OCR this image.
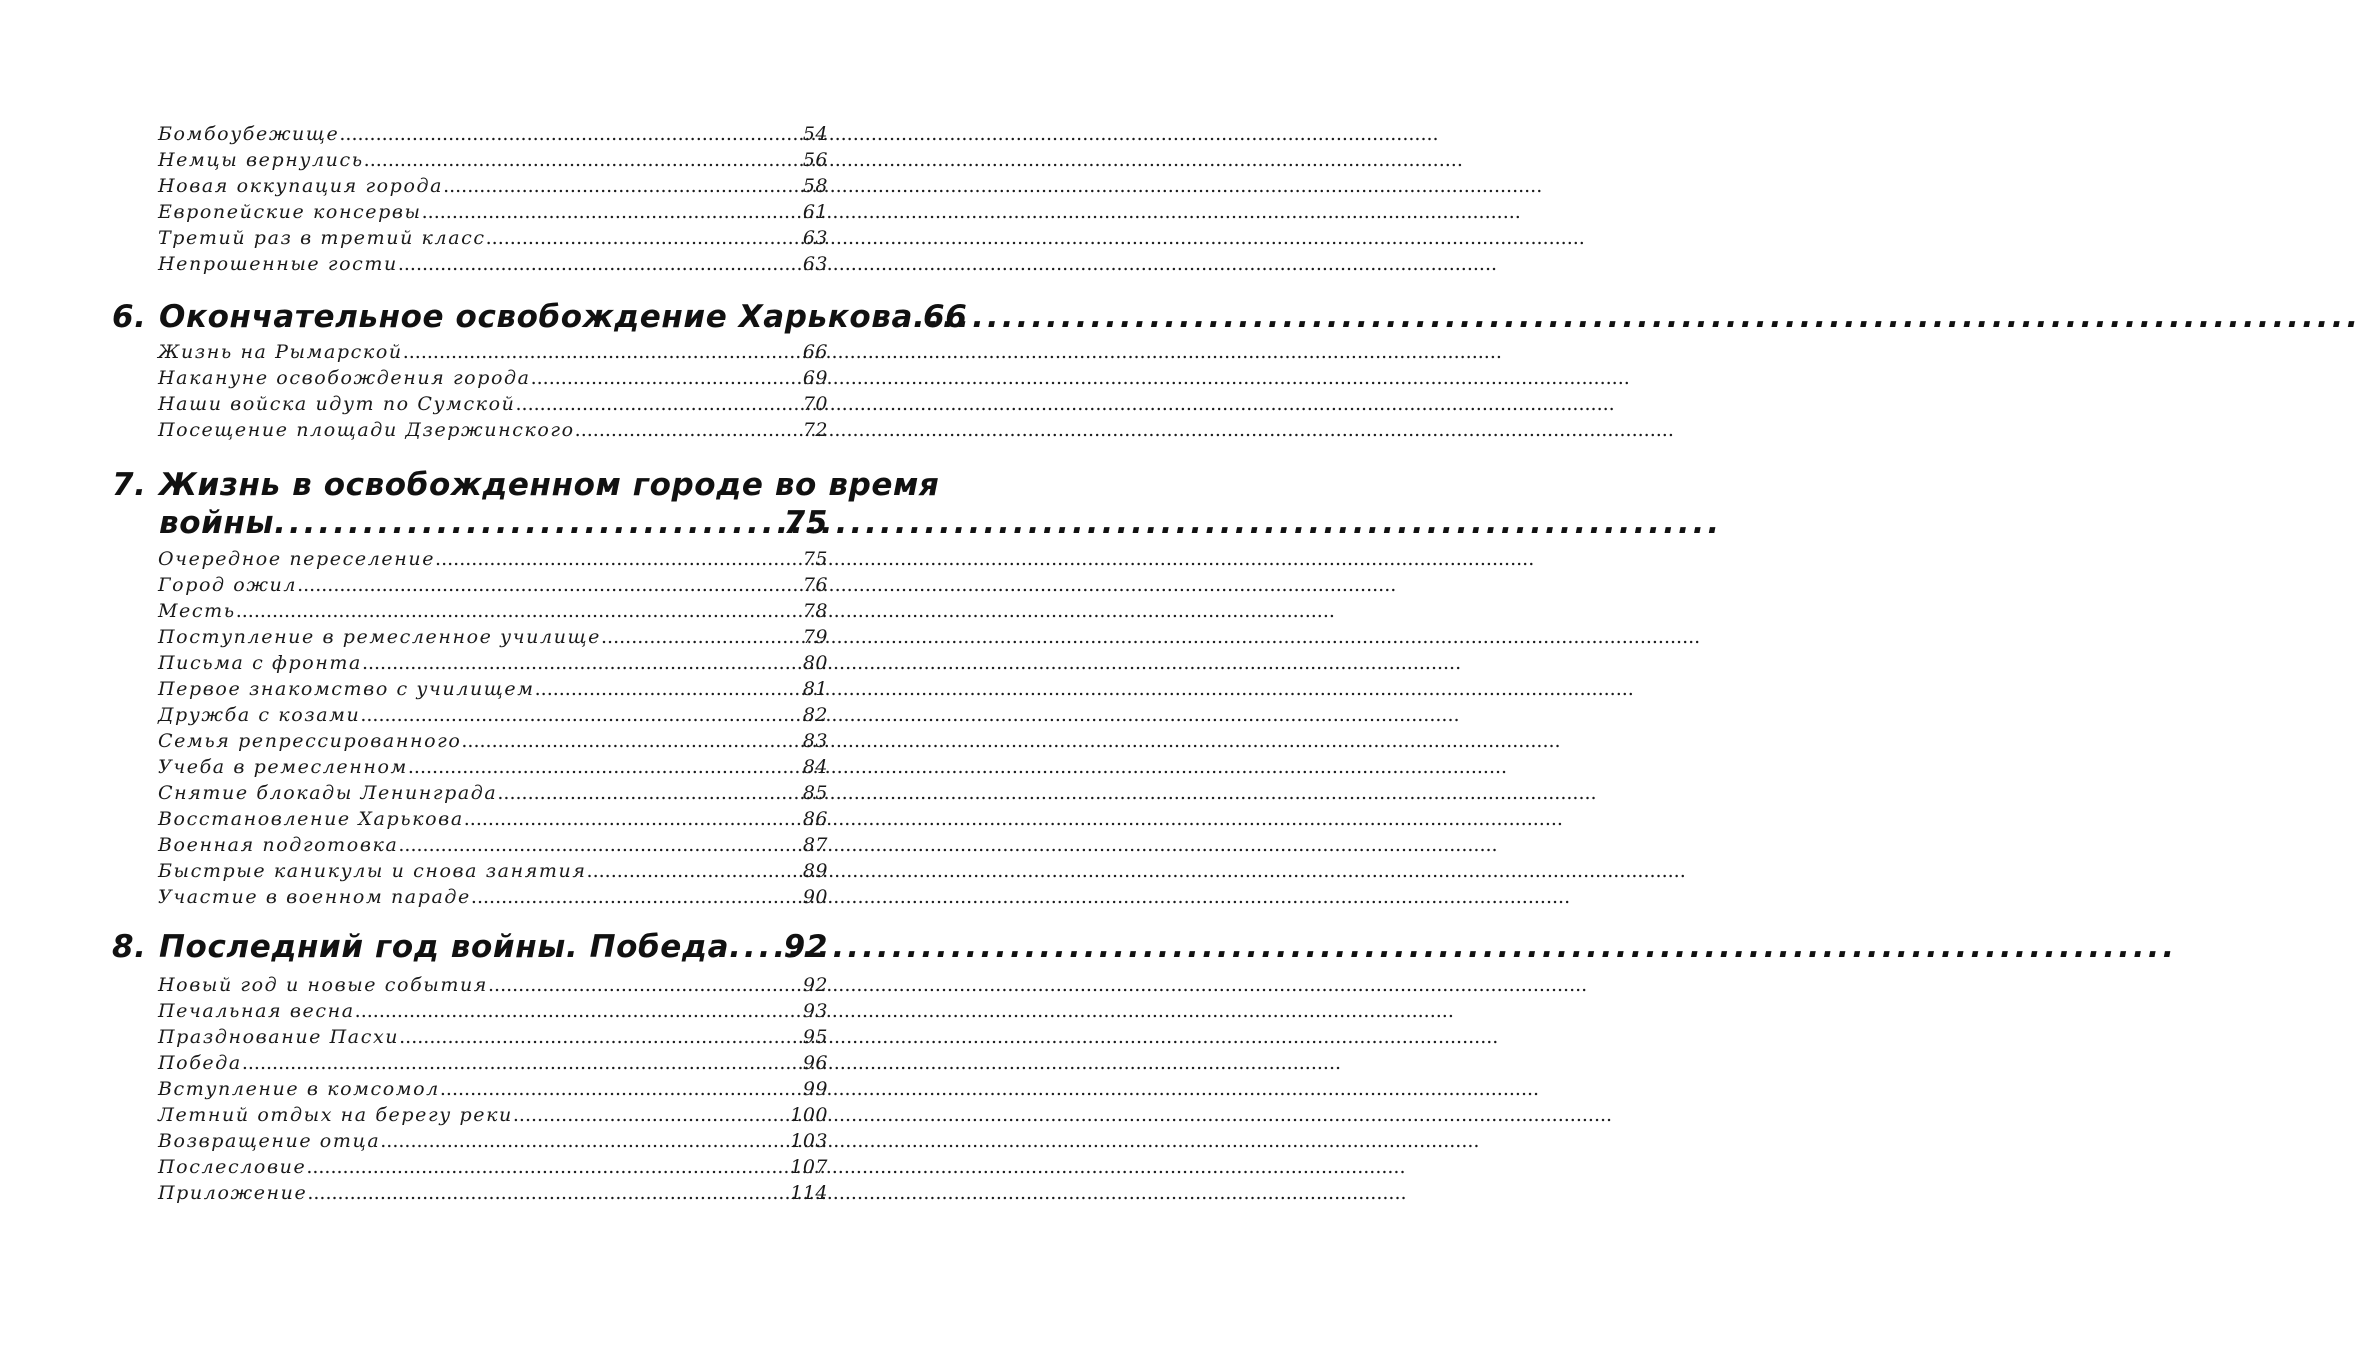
Бомбоубежище .....	54
Немцы вернулись .....	56
Новая оккупация города .....	58
Европейские консервы .....	61
Третий раз в третий класс .....	63
Непрошенные гости .....	63
6. Окончательное освобождение Харькова ..... 66
Жизнь на Рымарской .....	66
Накануне освобождения города .....	69
Наши войска идут по Сумской .....	70
Посещение площади Дзержинского .....	72
7. Жизнь в освобожденном городе во время
войны .....	75
Очередное переселение .....	75
Город ожил .....	76
Месть .....	78
Поступление в ремесленное училище .....	79
Письма с фронта .....	80
Первое знакомство с училищем .....	81
Дружба с козами .....	82
Семья репрессированного .....	83
Учеба в ремесленном .....	84
Снятие блокады Ленинграда .....	85
Восстановление Харькова .....	86
Военная подготовка .....	87
Быстрые каникулы и снова занятия .....	89
Участие в военном параде .....	90
8. Последний год войны. Победа ..... 92
Новый год и новые события .....	92
Печальная весна .....	93
Празднование Пасхи .....	95
Победа .....	96
Вступление в комсомол .....	99
Летний отдых на берегу реки .....	100
Возвращение отца .....	103
Послесловие .....	107
Приложение .....	114
